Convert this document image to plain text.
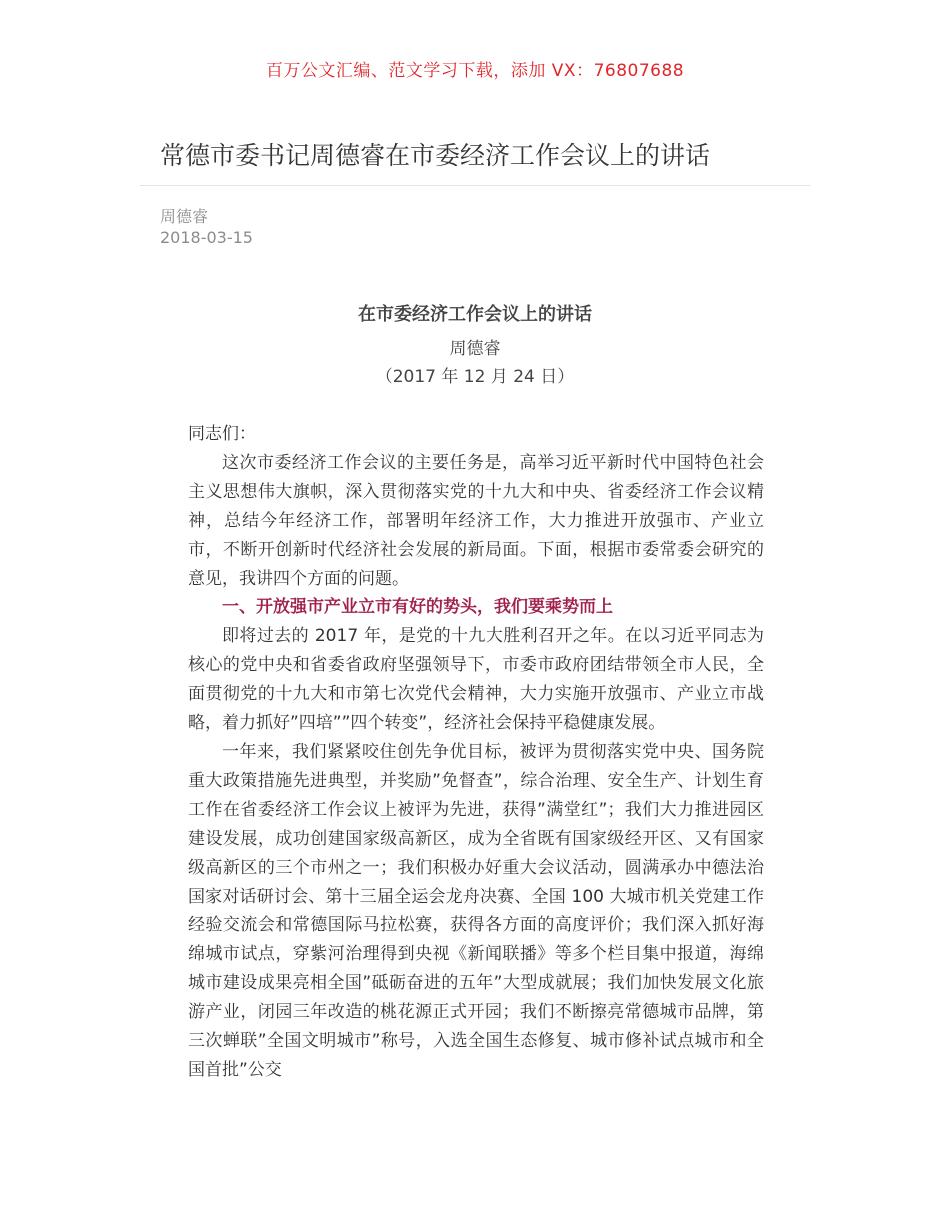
百万公文汇编、范文学习下载，添加 VX：76807688
常德市委书记周德睿在市委经济工作会议上的讲话
周德睿
2018-03-15
在市委经济工作会议上的讲话
周德睿
（2017 年 12 月 24 日）

同志们：

这次市委经济工作会议的主要任务是，高举习近平新时代中国特色社会主义思想伟大旗帜，深入贯彻落实党的十九大和中央、省委经济工作会议精神，总结今年经济工作，部署明年经济工作，大力推进开放强市、产业立市，不断开创新时代经济社会发展的新局面。下面，根据市委常委会研究的意见，我讲四个方面的问题。

一、开放强市产业立市有好的势头，我们要乘势而上

即将过去的 2017 年，是党的十九大胜利召开之年。在以习近平同志为核心的党中央和省委省政府坚强领导下，市委市政府团结带领全市人民，全面贯彻党的十九大和市第七次党代会精神，大力实施开放强市、产业立市战略，着力抓好”四培””四个转变”，经济社会保持平稳健康发展。

一年来，我们紧紧咬住创先争优目标，被评为贯彻落实党中央、国务院重大政策措施先进典型，并奖励”免督查”，综合治理、安全生产、计划生育工作在省委经济工作会议上被评为先进，获得”满堂红”；我们大力推进园区建设发展，成功创建国家级高新区，成为全省既有国家级经开区、又有国家级高新区的三个市州之一；我们积极办好重大会议活动，圆满承办中德法治国家对话研讨会、第十三届全运会龙舟决赛、全国 100 大城市机关党建工作经验交流会和常德国际马拉松赛，获得各方面的高度评价；我们深入抓好海绵城市试点，穿紫河治理得到央视《新闻联播》等多个栏目集中报道，海绵城市建设成果亮相全国”砥砺奋进的五年”大型成就展；我们加快发展文化旅游产业，闭园三年改造的桃花源正式开园；我们不断擦亮常德城市品牌，第三次蝉联”全国文明城市”称号，入选全国生态修复、城市修补试点城市和全国首批”公交
